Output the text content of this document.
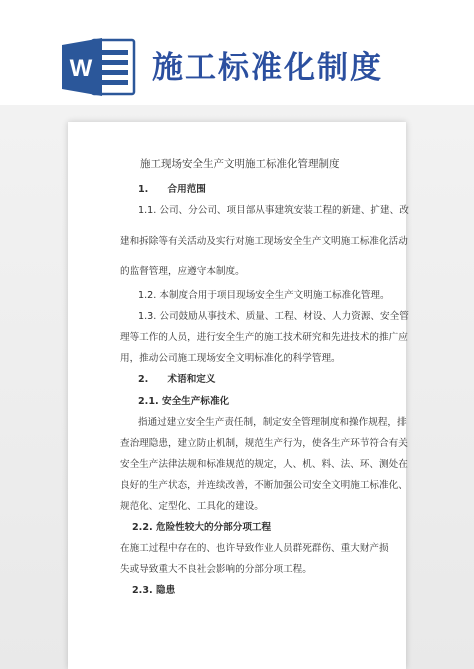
W 施工标准化制度
施工现场安全生产文明施工标准化管理制度
1.　　合用范围
1.1. 公司、分公司、项目部从事建筑安装工程的新建、扩建、改
建和拆除等有关活动及实行对施工现场安全生产文明施工标准化活动
的监督管理，应遵守本制度。
1.2. 本制度合用于项目现场安全生产文明施工标准化管理。
1.3. 公司鼓励从事技术、质量、工程、材设、人力资源、安全管
理等工作的人员，进行安全生产的施工技术研究和先进技术的推广应
用，推动公司施工现场安全文明标准化的科学管理。
2.　　术语和定义
2.1. 安全生产标准化
指通过建立安全生产责任制，制定安全管理制度和操作规程，排
查治理隐患，建立防止机制，规范生产行为，使各生产环节符合有关
安全生产法律法规和标准规范的规定，人、机、料、法、环、测处在
良好的生产状态，并连续改善，不断加强公司安全文明施工标准化、
规范化、定型化、工具化的建设。
2.2. 危险性较大的分部分项工程
在施工过程中存在的、也许导致作业人员群死群伤、重大财产损
失或导致重大不良社会影响的分部分项工程。
2.3. 隐患
